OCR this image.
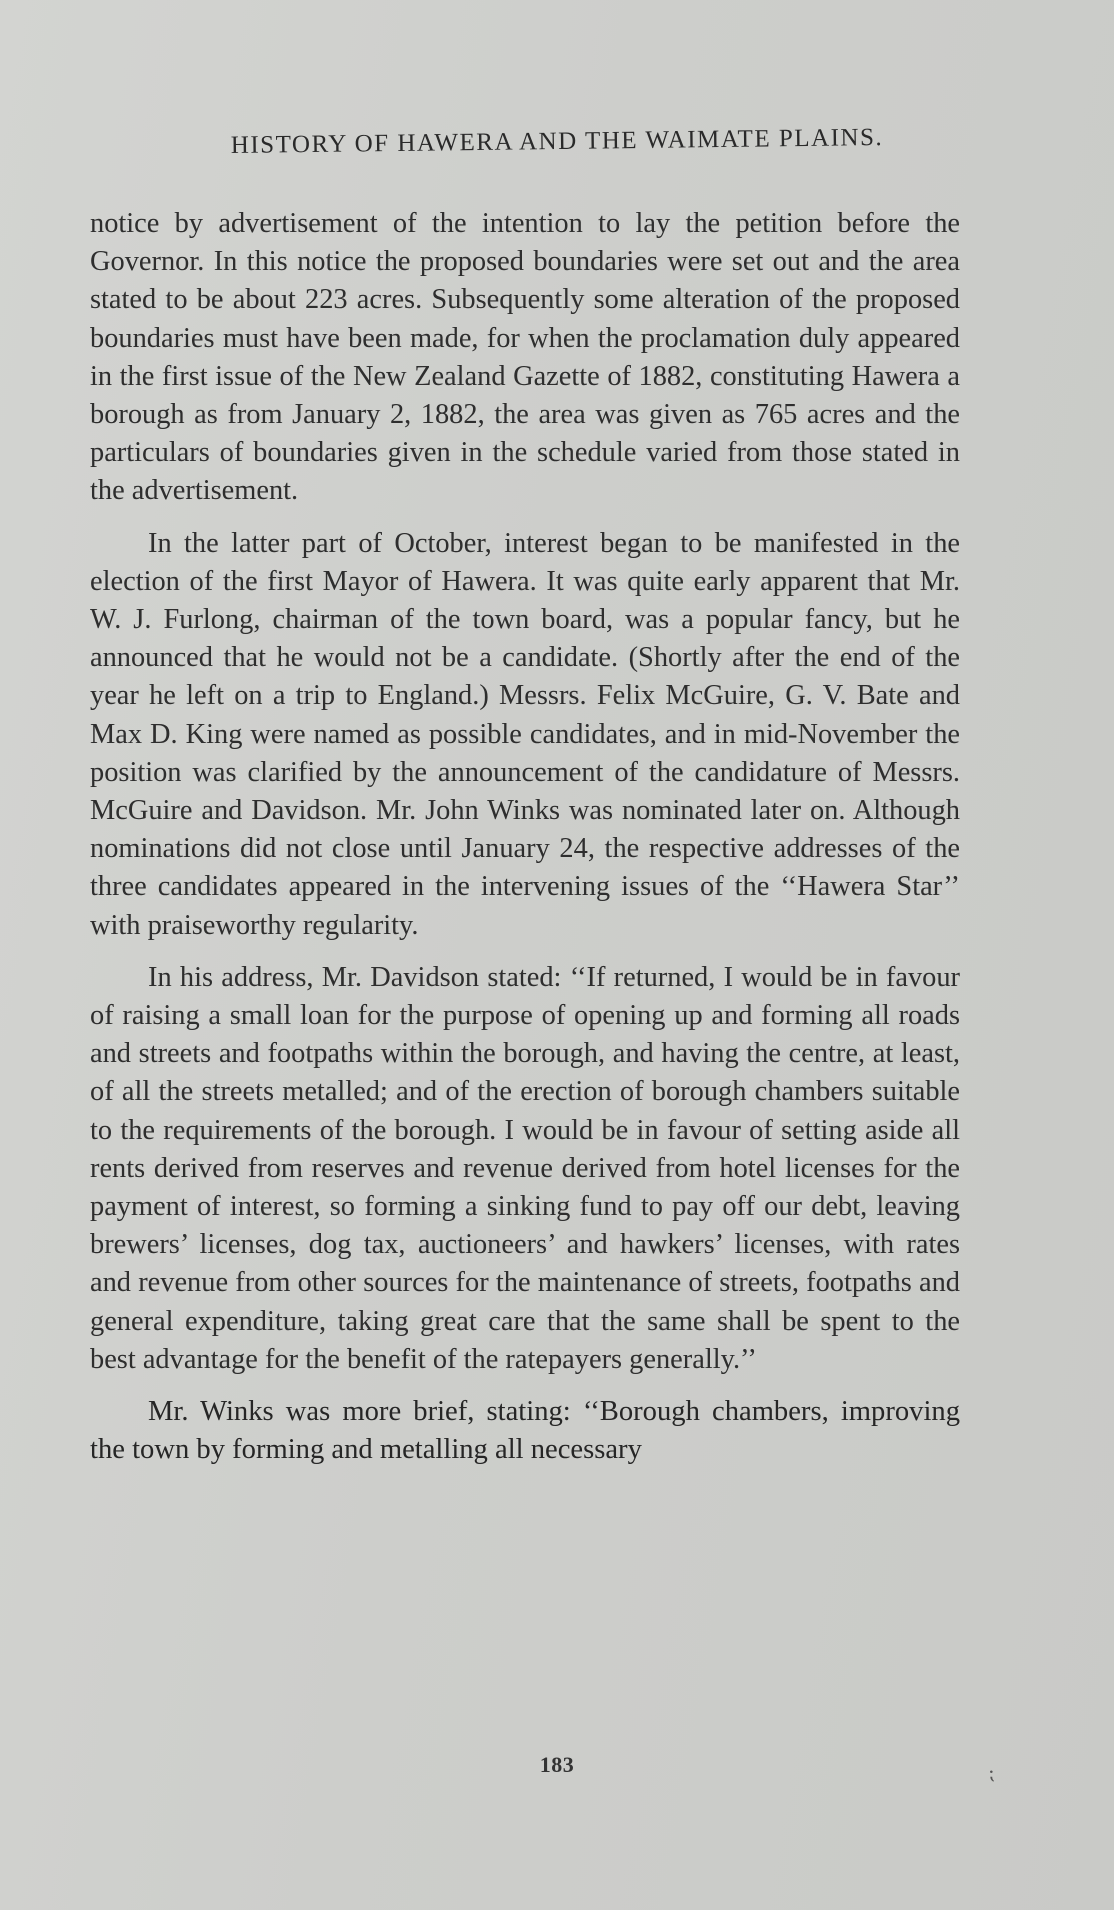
HISTORY OF HAWERA AND THE WAIMATE PLAINS.

notice by advertisement of the intention to lay the petition before the Governor. In this notice the proposed boundaries were set out and the area stated to be about 223 acres. Subsequently some alteration of the proposed boundaries must have been made, for when the proclamation duly appeared in the first issue of the New Zealand Gazette of 1882, constituting Hawera a borough as from January 2, 1882, the area was given as 765 acres and the particulars of boundaries given in the schedule varied from those stated in the advertisement.

In the latter part of October, interest began to be manifested in the election of the first Mayor of Hawera. It was quite early apparent that Mr. W. J. Furlong, chairman of the town board, was a popular fancy, but he announced that he would not be a candidate. (Shortly after the end of the year he left on a trip to England.) Messrs. Felix McGuire, G. V. Bate and Max D. King were named as possible candidates, and in mid-November the position was clarified by the announcement of the candidature of Messrs. McGuire and Davidson. Mr. John Winks was nominated later on. Although nominations did not close until January 24, the respective addresses of the three candidates appeared in the intervening issues of the ‘‘Hawera Star’’ with praiseworthy regularity.

In his address, Mr. Davidson stated: ‘‘If returned, I would be in favour of raising a small loan for the purpose of opening up and forming all roads and streets and footpaths within the borough, and having the centre, at least, of all the streets metalled; and of the erection of borough chambers suitable to the requirements of the borough. I would be in favour of setting aside all rents derived from reserves and revenue derived from hotel licenses for the payment of interest, so forming a sinking fund to pay off our debt, leaving brewers’ licenses, dog tax, auctioneers’ and hawkers’ licenses, with rates and revenue from other sources for the maintenance of streets, footpaths and general expenditure, taking great care that the same shall be spent to the best advantage for the benefit of the ratepayers generally.’’

Mr. Winks was more brief, stating: ‘‘Borough chambers, improving the town by forming and metalling all necessary

183	⁏
